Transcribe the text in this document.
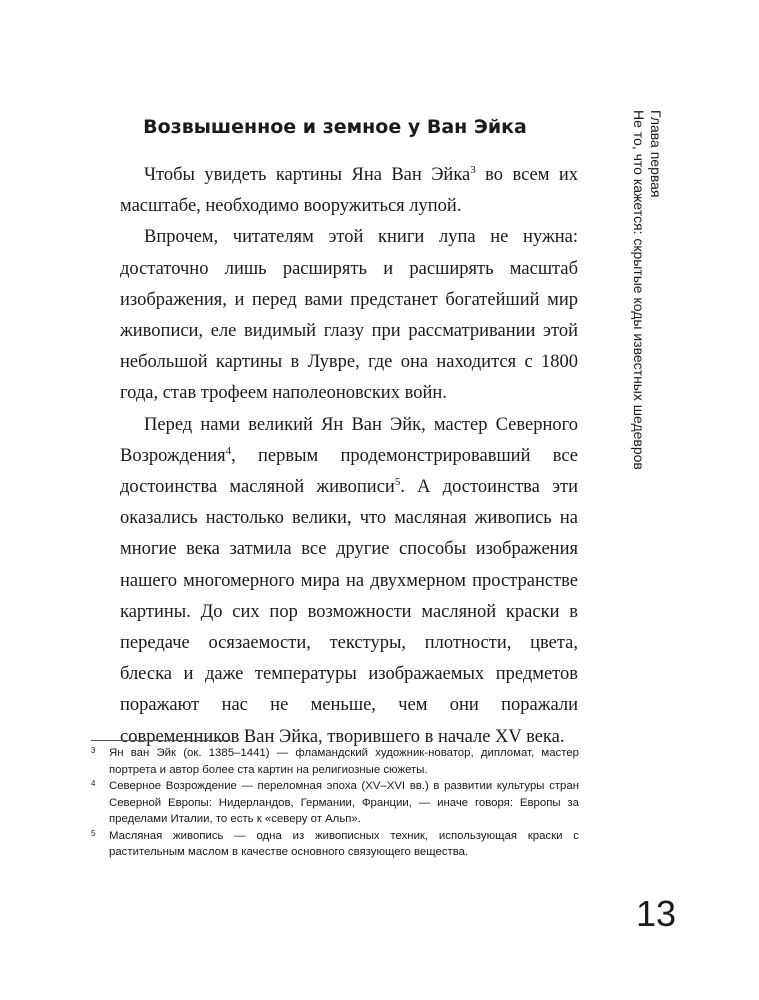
Возвышенное и земное у Ван Эйка

Чтобы увидеть картины Яна Ван Эйка$^3$ во всем их масштабе, необходимо вооружиться лупой.

Впрочем, читателям этой книги лупа не нужна: достаточно лишь расширять и расширять масштаб изображения, и перед вами предстанет богатейший мир живописи, еле видимый глазу при рассматривании этой небольшой картины в Лувре, где она находится с 1800 года, став трофеем наполеоновских войн.

Перед нами великий Ян Ван Эйк, мастер Северного Возрождения$^4$, первым продемонстрировавший все достоинства масляной живописи$^5$. А достоинства эти оказались настолько велики, что масляная живопись на многие века затмила все другие способы изображения нашего многомерного мира на двухмерном пространстве картины. До сих пор возможности масляной краски в передаче осязаемости, текстуры, плотности, цвета, блеска и даже температуры изображаемых предметов поражают нас не меньше, чем они поражали современников Ван Эйка, творившего в начале XV века.

3 Ян ван Эйк (ок. 1385–1441) — фламандский художник-новатор, дипломат, мастер портрета и автор более ста картин на религиозные сюжеты.
4 Северное Возрождение — переломная эпоха (XV–XVI вв.) в развитии культуры стран Северной Европы: Нидерландов, Германии, Франции, — иначе говоря: Европы за пределами Италии, то есть к «северу от Альп».
5 Масляная живопись — одна из живописных техник, использующая краски с растительным маслом в качестве основного связующего вещества.
Глава первая
Не то, что кажется: скрытые коды известных шедевров
13
